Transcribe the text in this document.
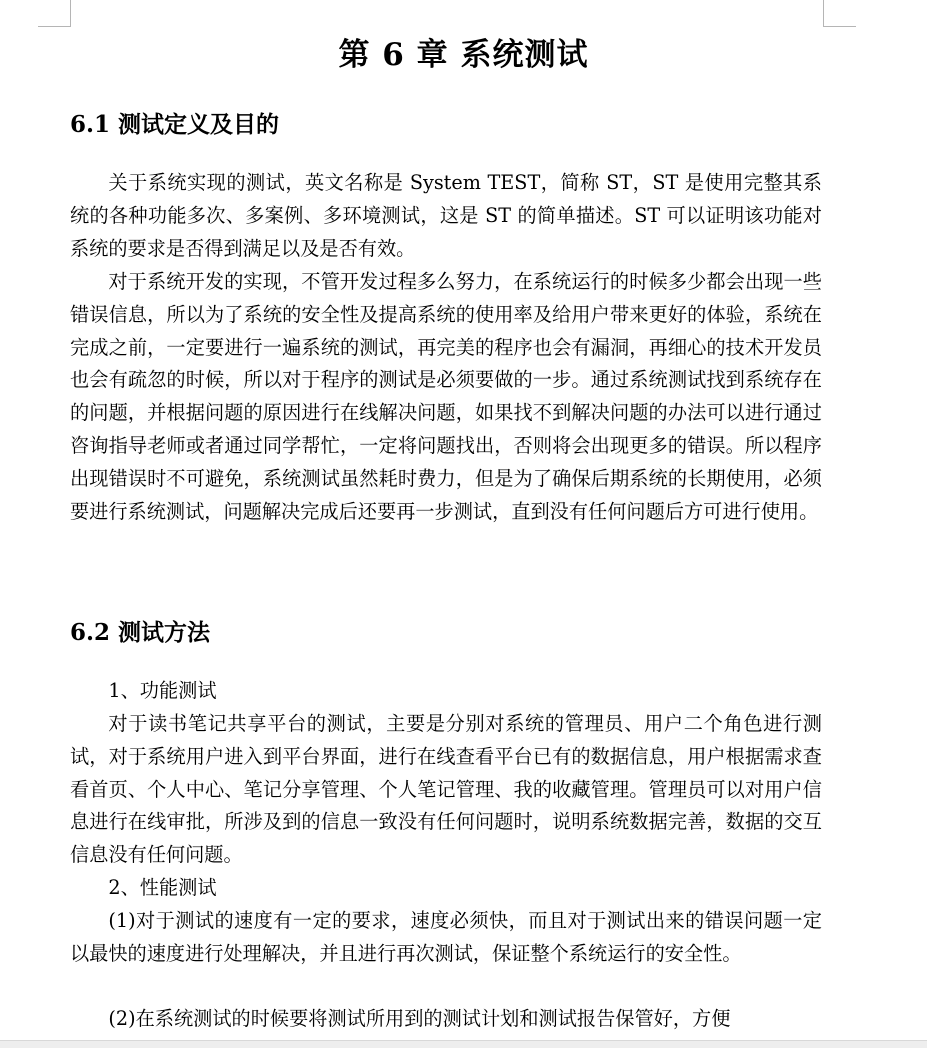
第 6 章 系统测试
6.1 测试定义及目的
关于系统实现的测试，英文名称是 System TEST，简称 ST，ST 是使用完整其系统的各种功能多次、多案例、多环境测试，这是 ST 的简单描述。ST 可以证明该功能对系统的要求是否得到满足以及是否有效。
对于系统开发的实现，不管开发过程多么努力，在系统运行的时候多少都会出现一些错误信息，所以为了系统的安全性及提高系统的使用率及给用户带来更好的体验，系统在完成之前，一定要进行一遍系统的测试，再完美的程序也会有漏洞，再细心的技术开发员也会有疏忽的时候，所以对于程序的测试是必须要做的一步。通过系统测试找到系统存在的问题，并根据问题的原因进行在线解决问题，如果找不到解决问题的办法可以进行通过咨询指导老师或者通过同学帮忙，一定将问题找出，否则将会出现更多的错误。所以程序出现错误时不可避免，系统测试虽然耗时费力，但是为了确保后期系统的长期使用，必须要进行系统测试，问题解决完成后还要再一步测试，直到没有任何问题后方可进行使用。
6.2 测试方法
1、功能测试
对于读书笔记共享平台的测试，主要是分别对系统的管理员、用户二个角色进行测试，对于系统用户进入到平台界面，进行在线查看平台已有的数据信息，用户根据需求查看首页、个人中心、笔记分享管理、个人笔记管理、我的收藏管理。管理员可以对用户信息进行在线审批，所涉及到的信息一致没有任何问题时，说明系统数据完善，数据的交互信息没有任何问题。
2、性能测试
(1)对于测试的速度有一定的要求，速度必须快，而且对于测试出来的错误问题一定以最快的速度进行处理解决，并且进行再次测试，保证整个系统运行的安全性。
(2)在系统测试的时候要将测试所用到的测试计划和测试报告保管好，方便
